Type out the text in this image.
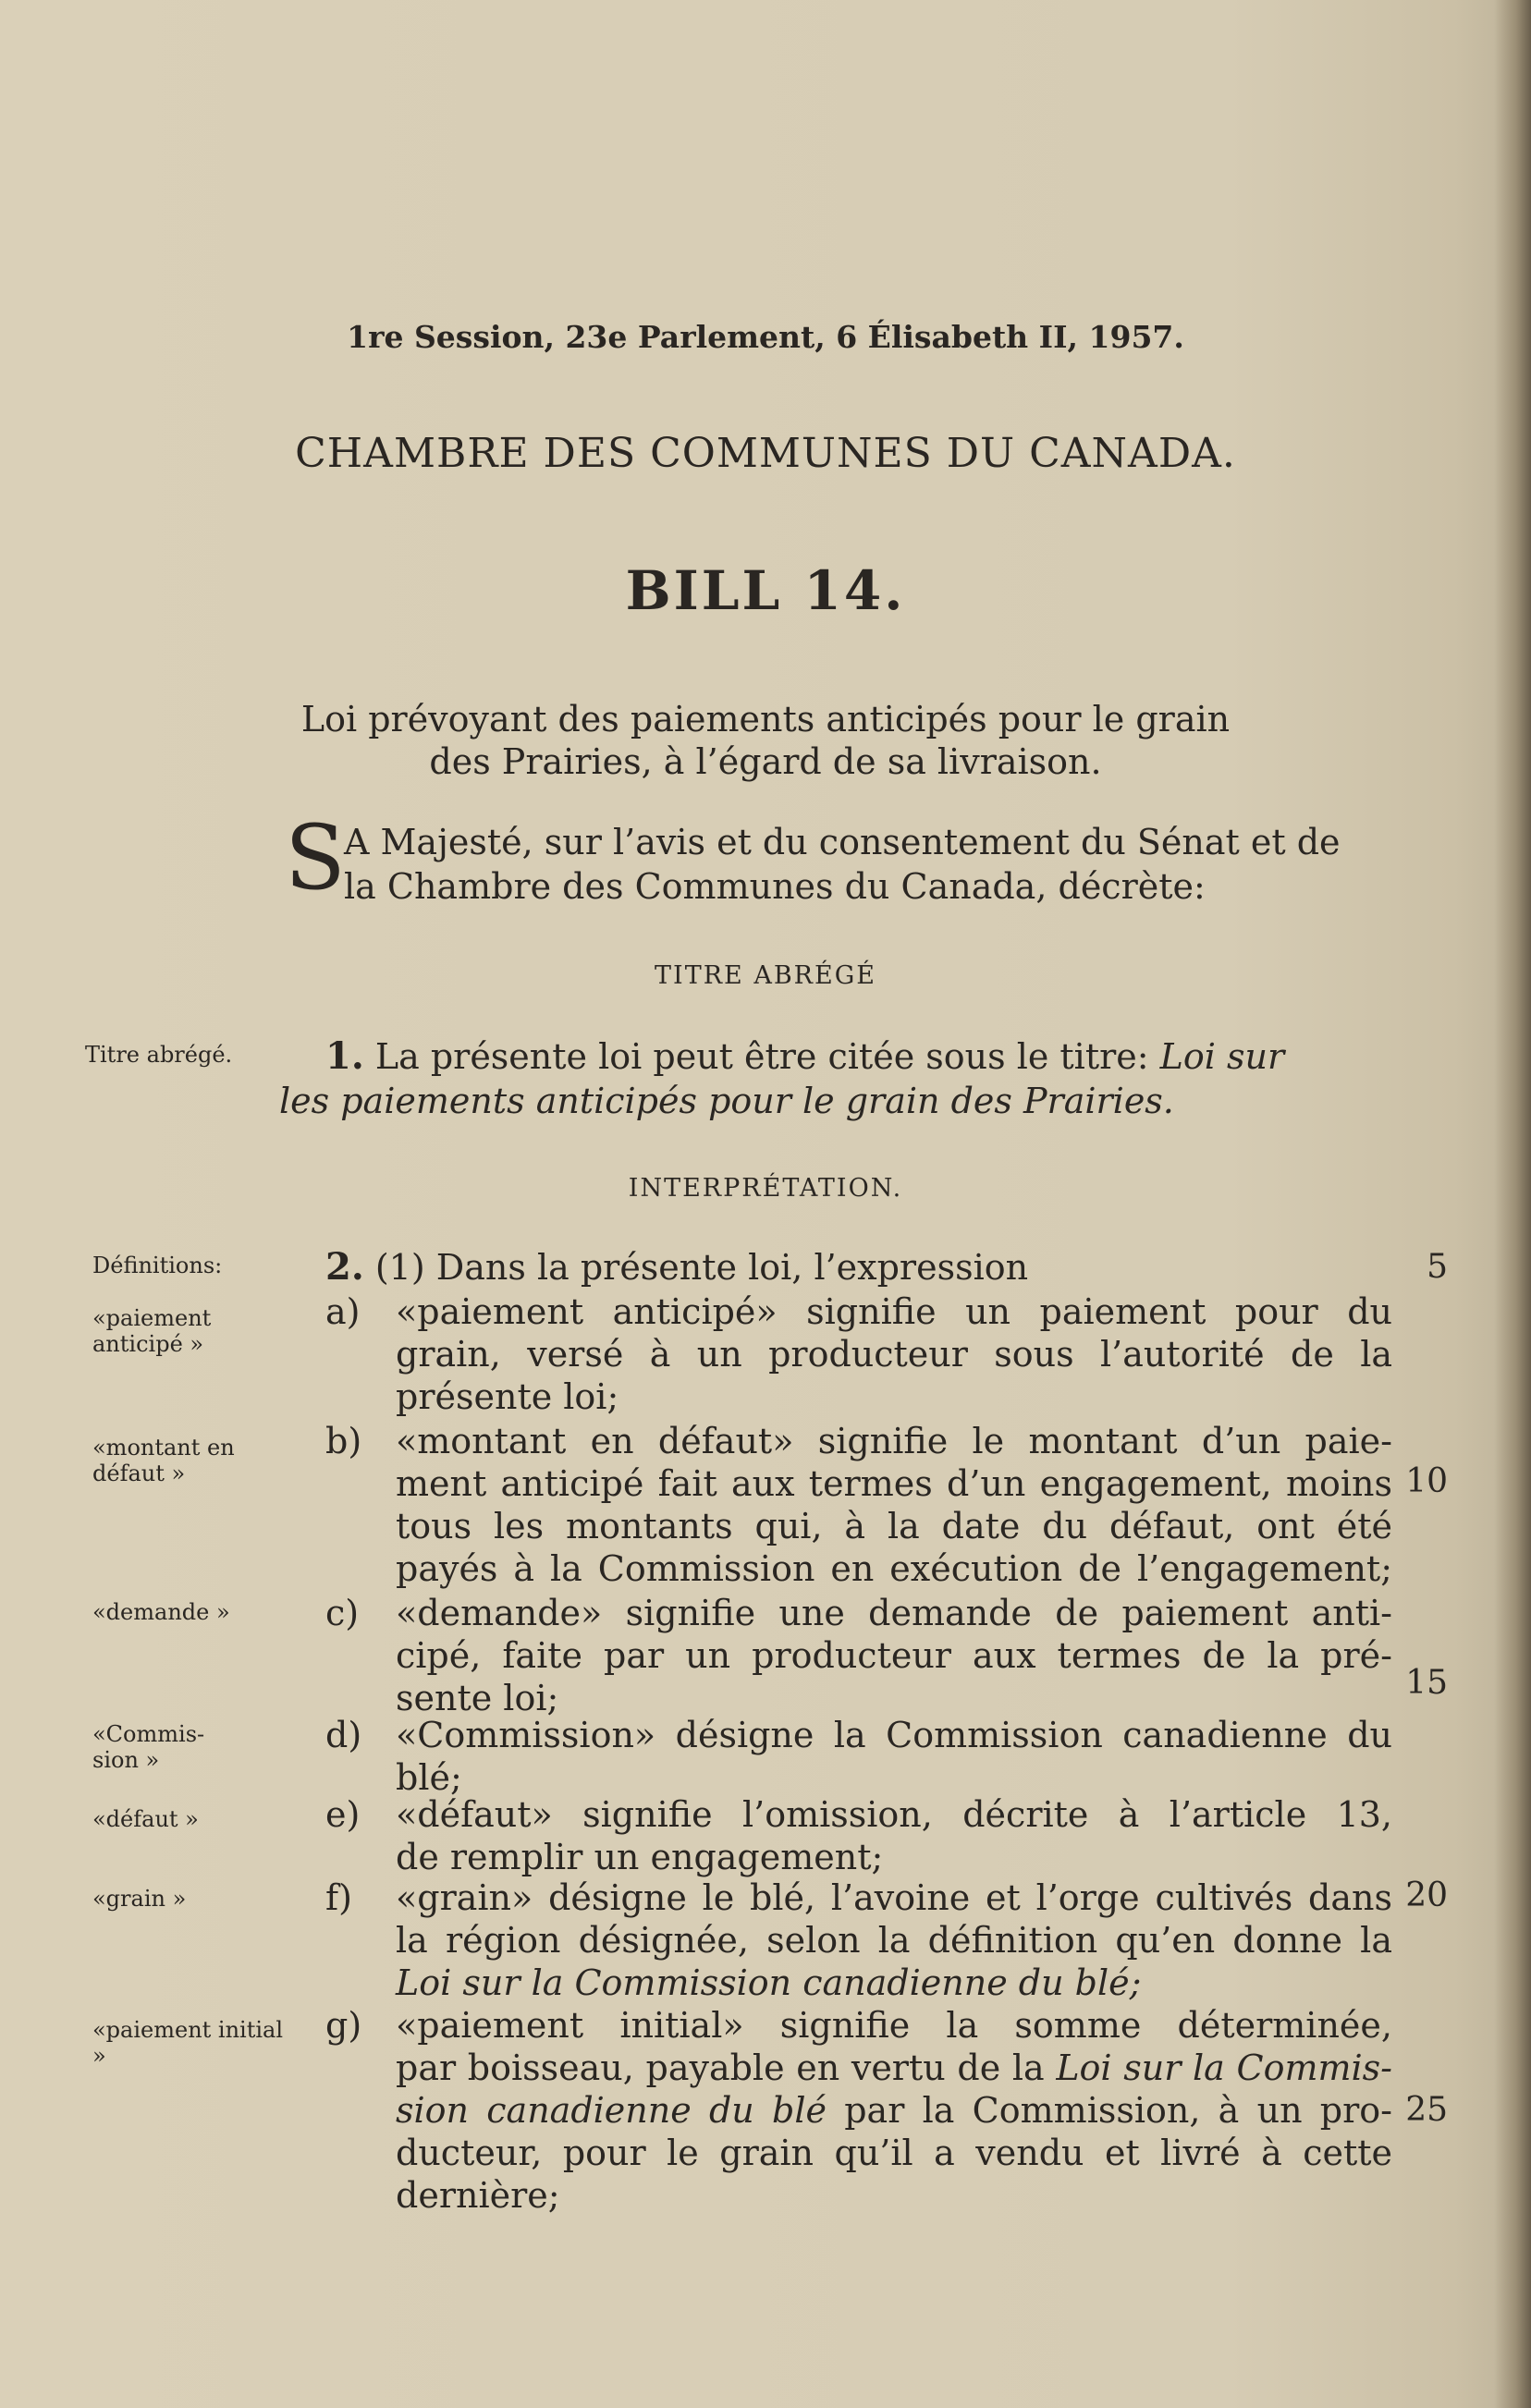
1re Session, 23e Parlement, 6 Élisabeth II, 1957.
CHAMBRE DES COMMUNES DU CANADA.
BILL 14.
Loi prévoyant des paiements anticipés pour le grain
des Prairies, à l’égard de sa livraison.
S
A Majesté, sur l’avis et du consentement du Sénat et de
la Chambre des Communes du Canada, décrète:
TITRE ABRÉGÉ
Titre abrégé.	1. La présente loi peut être citée sous le titre: Loi sur
les paiements anticipés pour le grain des Prairies.
INTERPRÉTATION.
Définitions:	2. (1) Dans la présente loi, l’expression	5
«paiement anticipé »
a) «paiement anticipé» signifie un paiement pour du
grain, versé à un producteur sous l’autorité de la
présente loi;
«montant en défaut »
b) «montant en défaut» signifie le montant d’un paie-
ment anticipé fait aux termes d’un engagement, moins
tous les montants qui, à la date du défaut, ont été
payés à la Commission en exécution de l’engagement;
10
«demande »	c) «demande» signifie une demande de paiement anti-
cipé, faite par un producteur aux termes de la pré-
sente loi;	15
«Commis- sion »
d) «Commission» désigne la Commission canadienne du
blé;
«défaut »	e) «défaut» signifie l’omission, décrite à l’article 13,
de remplir un engagement;
«grain »	f) «grain» désigne le blé, l’avoine et l’orge cultivés dans
la région désignée, selon la définition qu’en donne la
Loi sur la Commission canadienne du blé;
20
«paiement initial »
g) «paiement initial» signifie la somme déterminée,
par boisseau, payable en vertu de la Loi sur la Commis-
sion canadienne du blé par la Commission, à un pro-
ducteur, pour le grain qu’il a vendu et livré à cette
dernière;
25
